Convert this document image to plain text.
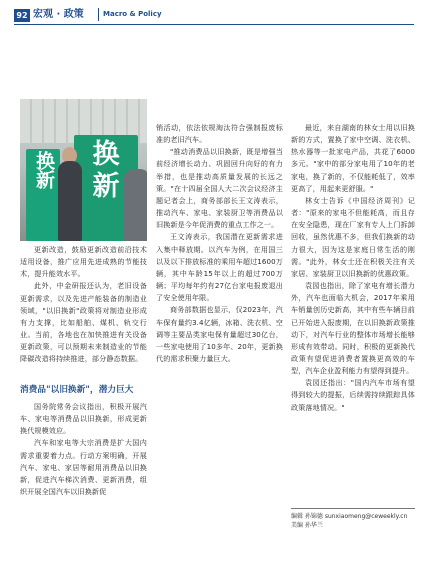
92 宏观 · 政策	Macro & Policy
换新	换新

更新改造，鼓励更新改造前沿技术适用设备，推广应用先进成熟的节能技术，提升能效水平。

此外，中金研报还认为，老旧设备更新需求，以及先进产能装备的制造业领域，"以旧换新"政策将对制造业形成有力支撑，比如船舶、煤机、轨交行业。当前，各地也在加快推进有关设备更新政策，可以预期未来制造业的节能降碳改造将持续推进，部分静态数据。

消费品"以旧换新"，潜力巨大

国务院常务会议指出，积极开展汽车、家电等消费品以旧换新，形成更新换代规模效应。

汽车和家电等大宗消费是扩大国内需求重要着力点。行动方案明确，开展汽车、家电、家居等耐用消费品以旧换新，促进汽车梯次消费、更新消费，组织开展全国汽车以旧换新促

销活动，依法依规淘汰符合强制报废标准的老旧汽车。

"推动消费品以旧换新，既是增强当前经济增长动力、巩固回升向好的有力举措，也是推动高质量发展的长远之策。"在十四届全国人大二次会议经济主题记者会上，商务部部长王文涛表示，推动汽车、家电、家装厨卫等消费品以旧换新是今年促消费的重点工作之一。

王文涛表示，我国潜在更新需求进入集中释放期。以汽车为例，在用国三以及以下排放标准的乘用车超过1600万辆，其中车龄15年以上的超过700万辆；平均每年约有27亿台家电报废退出了安全使用年限。

商务部数据也显示，仅2023年，汽车保有量约3.4亿辆，冰箱、洗衣机、空调等主要品类家电保有量超过30亿台，一些家电使用了10多年、20年，更新换代的需求积聚力量巨大。

最近，来自湖南的林女士用以旧换新的方式，置换了家中空调、洗衣机、热水器等一批家电产品，共花了6000多元。"家中的部分家电用了10年的老家电，换了新的，不仅能耗低了，效率更高了，用起来更舒服。"

林女士告诉《中国经济周刊》记者："原来的家电不但能耗高，而且存在安全隐患，现在厂家有专人上门拆卸回收，虽然优惠不多，但我们换新的动力很大，因为这是家庭日常生活的刚需。"此外，林女士还在积极关注有关家居、家装厨卫以旧换新的优惠政策。

袁园也指出，除了家电有增长潜力外，汽车也面临大机会，2017年乘用车销量创历史新高，其中有些车辆目前已开始进入报废期，在以旧换新政策推动下，对汽车行业的整体市场增长能够形成有效带动。同时，积极的更新换代政策有望促进消费者置换更高效的车型，汽车企业盈利能力有望得到提升。

袁园还指出："国内汽车市场有望得到较大的提振，后续需持续跟踪具体政策落地情况。"

编辑 孙锦德 sunxiaomeng@ceweekly.cn
美编 孙华兰
